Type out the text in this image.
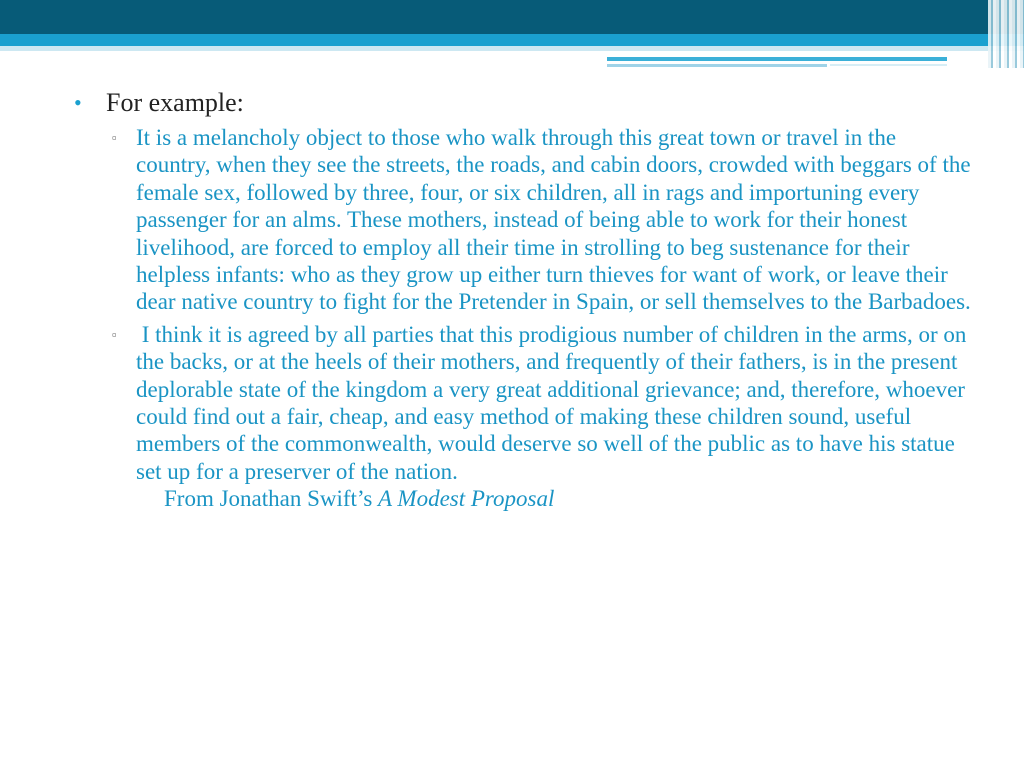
• For example:
▫ It is a melancholy object to those who walk through this great town or travel in the country, when they see the streets, the roads, and cabin doors, crowded with beggars of the female sex, followed by three, four, or six children, all in rags and importuning every passenger for an alms. These mothers, instead of being able to work for their honest livelihood, are forced to employ all their time in strolling to beg sustenance for their helpless infants: who as they grow up either turn thieves for want of work, or leave their dear native country to fight for the Pretender in Spain, or sell themselves to the Barbadoes.
▫ I think it is agreed by all parties that this prodigious number of children in the arms, or on the backs, or at the heels of their mothers, and frequently of their fathers, is in the present deplorable state of the kingdom a very great additional grievance; and, therefore, whoever could find out a fair, cheap, and easy method of making these children sound, useful members of the commonwealth, would deserve so well of the public as to have his statue set up for a preserver of the nation.
From Jonathan Swift’s A Modest Proposal
